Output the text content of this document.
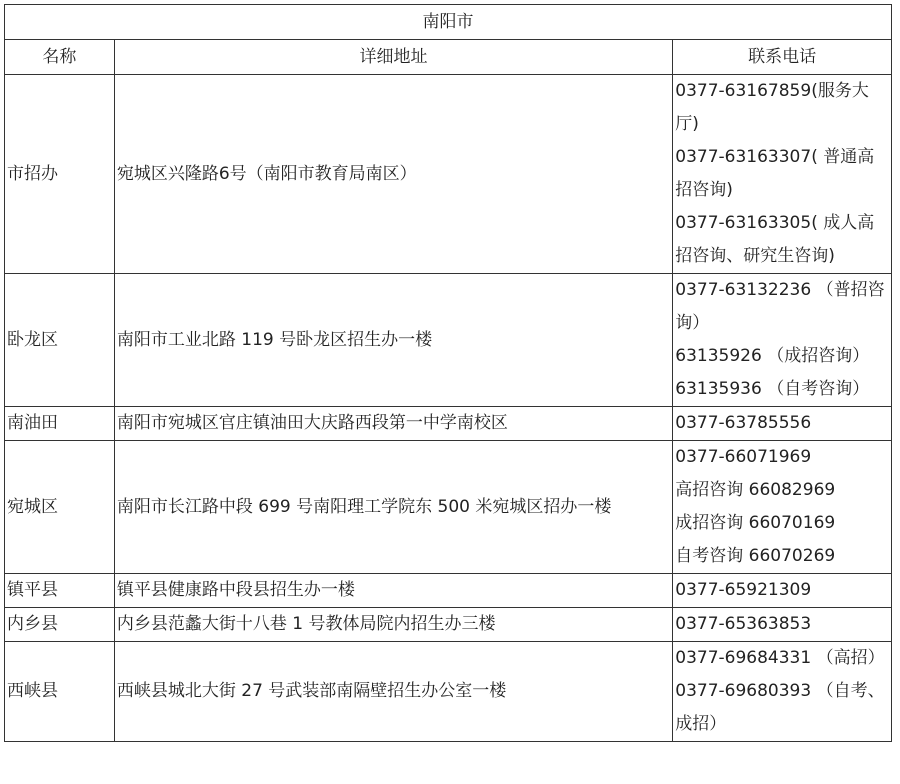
南阳市		
名称	详细地址	联系电话
市招办	宛城区兴隆路6号（南阳市教育局南区）	0377-63167859(服务大厅)
0377-63163307( 普通高招咨询)
0377-63163305( 成人高招咨询、研究生咨询)

卧龙区	南阳市工业北路 119 号卧龙区招生办一楼	0377-63132236 （普招咨询）
63135926 （成招咨询）
63135936 （自考咨询）

南油田	南阳市宛城区官庄镇油田大庆路西段第一中学南校区	0377-63785556

宛城区	南阳市长江路中段 699 号南阳理工学院东 500 米宛城区招办一楼	0377-66071969
高招咨询 66082969
成招咨询 66070169
自考咨询 66070269

镇平县	镇平县健康路中段县招生办一楼	0377-65921309

内乡县	内乡县范蠡大街十八巷 1 号教体局院内招生办三楼	0377-65363853

西峡县	西峡县城北大街 27 号武装部南隔壁招生办公室一楼	0377-69684331 （高招）
0377-69680393 （自考、成招）
